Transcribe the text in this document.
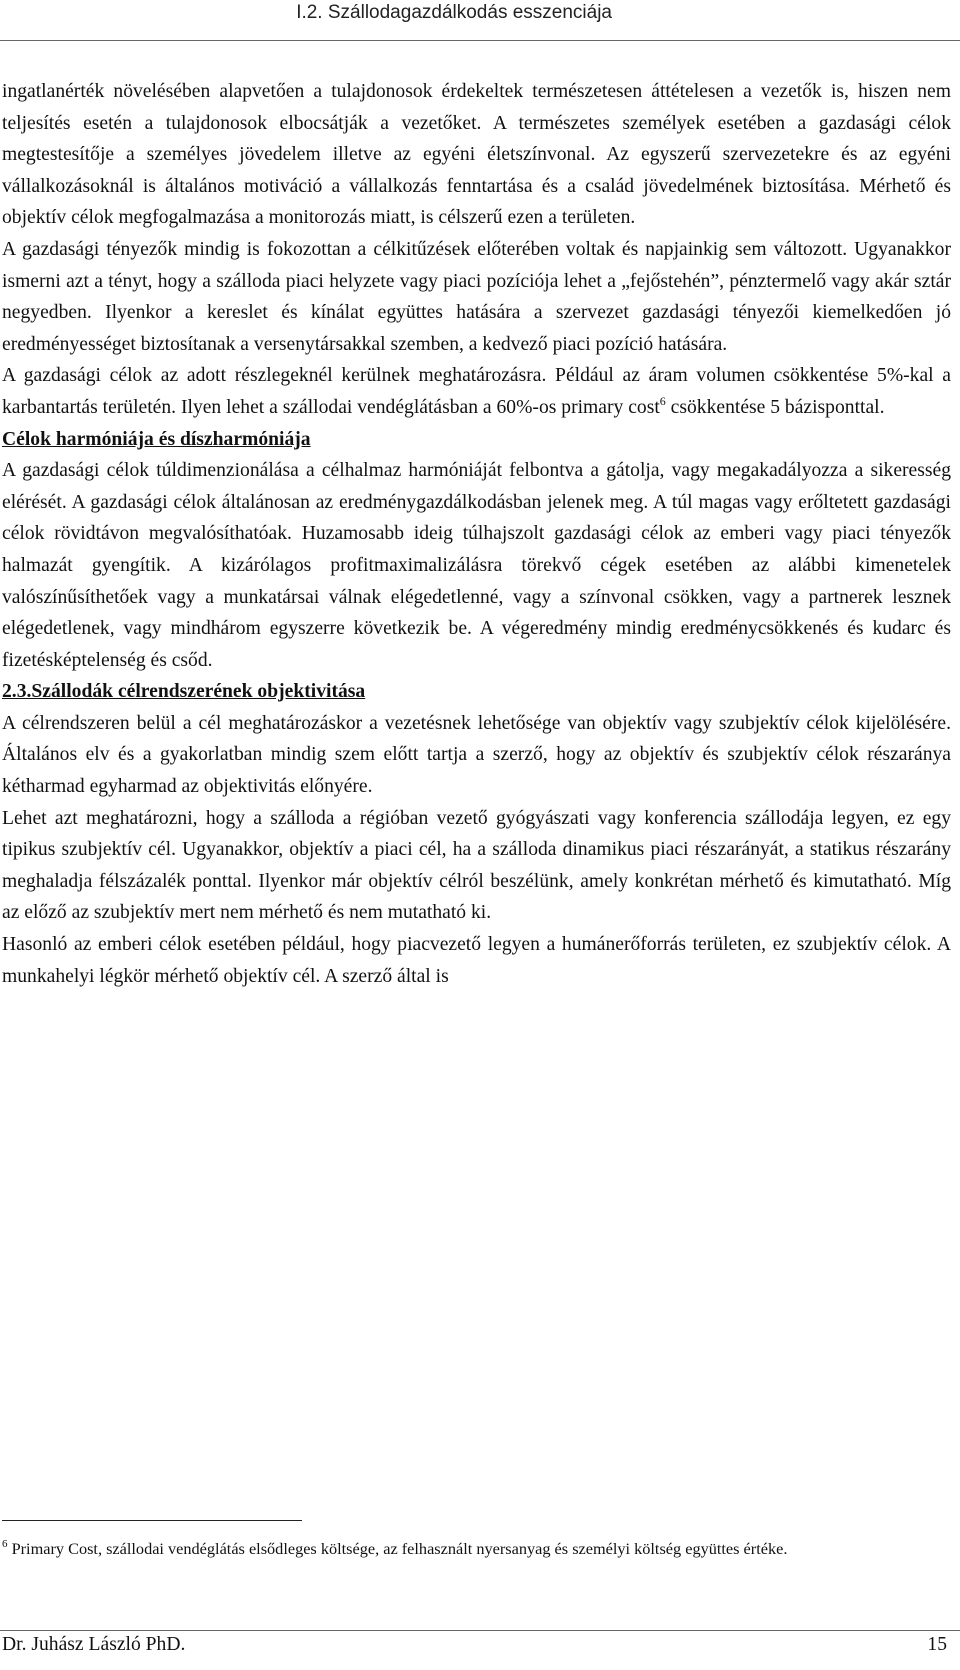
I.2. Szállodagazdálkodás esszenciája

ingatlanérték növelésében alapvetően a tulajdonosok érdekeltek természetesen áttételesen a vezetők is, hiszen nem teljesítés esetén a tulajdonosok elbocsátják a vezetőket. A természetes személyek esetében a gazdasági célok megtestesítője a személyes jövedelem illetve az egyéni életszínvonal. Az egyszerű szervezetekre és az egyéni vállalkozásoknál is általános motiváció a vállalkozás fenntartása és a család jövedelmének biztosítása. Mérhető és objektív célok megfogalmazása a monitorozás miatt, is célszerű ezen a területen.

A gazdasági tényezők mindig is fokozottan a célkitűzések előterében voltak és napjainkig sem változott. Ugyanakkor ismerni azt a tényt, hogy a szálloda piaci helyzete vagy piaci pozíciója lehet a „fejőstehén”, pénztermelő vagy akár sztár negyedben. Ilyenkor a kereslet és kínálat együttes hatására a szervezet gazdasági tényezői kiemelkedően jó eredményességet biztosítanak a versenytársakkal szemben, a kedvező piaci pozíció hatására.

A gazdasági célok az adott részlegeknél kerülnek meghatározásra. Például az áram volumen csökkentése 5%-kal a karbantartás területén. Ilyen lehet a szállodai vendéglátásban a 60%-os primary cost$^6$ csökkentése 5 bázisponttal.

Célok harmóniája és díszharmóniája

A gazdasági célok túldimenzionálása a célhalmaz harmóniáját felbontva a gátolja, vagy megakadályozza a sikeresség elérését. A gazdasági célok általánosan az eredménygazdálkodásban jelenek meg. A túl magas vagy erőltetett gazdasági célok rövidtávon megvalósíthatóak. Huzamosabb ideig túlhajszolt gazdasági célok az emberi vagy piaci tényezők halmazát gyengítik. A kizárólagos profitmaximalizálásra törekvő cégek esetében az alábbi kimenetelek valószínűsíthetőek vagy a munkatársai válnak elégedetlenné, vagy a színvonal csökken, vagy a partnerek lesznek elégedetlenek, vagy mindhárom egyszerre következik be. A végeredmény mindig eredménycsökkenés és kudarc és fizetésképtelenség és csőd.

2.3.Szállodák célrendszerének objektivitása

A célrendszeren belül a cél meghatározáskor a vezetésnek lehetősége van objektív vagy szubjektív célok kijelölésére. Általános elv és a gyakorlatban mindig szem előtt tartja a szerző, hogy az objektív és szubjektív célok részaránya kétharmad egyharmad az objektivitás előnyére.

Lehet azt meghatározni, hogy a szálloda a régióban vezető gyógyászati vagy konferencia szállodája legyen, ez egy tipikus szubjektív cél. Ugyanakkor, objektív a piaci cél, ha a szálloda dinamikus piaci részarányát, a statikus részarány meghaladja félszázalék ponttal. Ilyenkor már objektív célról beszélünk, amely konkrétan mérhető és kimutatható. Míg az előző az szubjektív mert nem mérhető és nem mutatható ki.

Hasonló az emberi célok esetében például, hogy piacvezető legyen a humánerőforrás területen, ez szubjektív célok. A munkahelyi légkör mérhető objektív cél. A szerző által is

$^6$ Primary Cost, szállodai vendéglátás elsődleges költsége, az felhasznált nyersanyag és személyi költség együttes értéke.
Dr. Juhász László PhD.	15
